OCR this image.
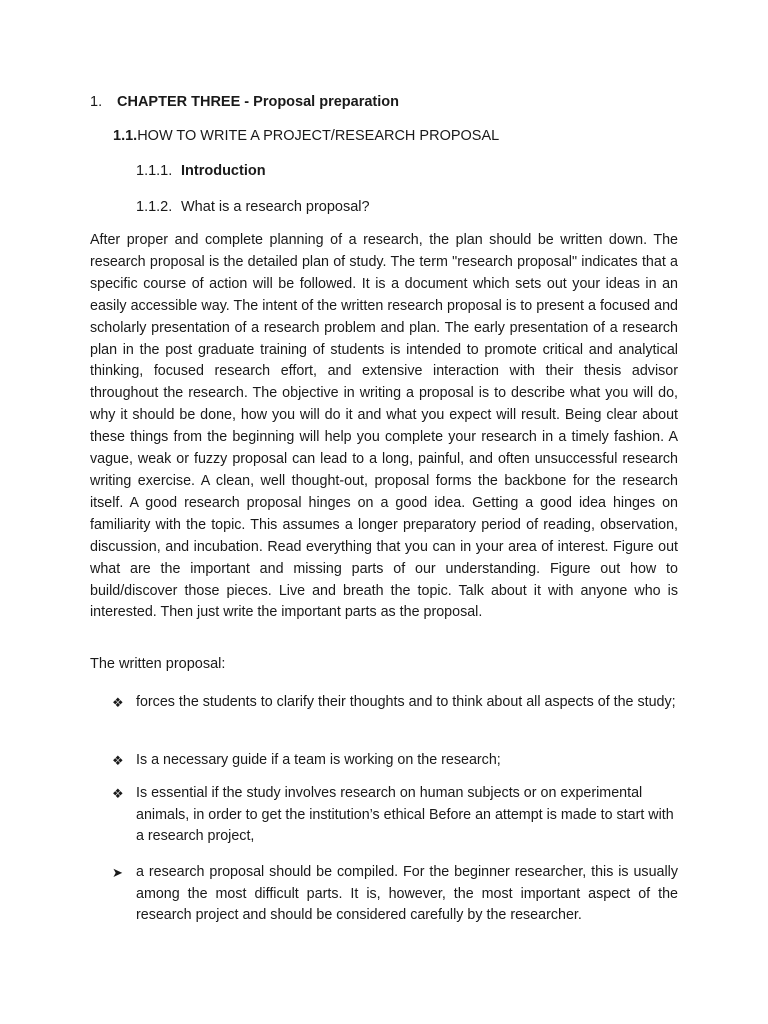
1. CHAPTER THREE - Proposal preparation
1.1.HOW TO WRITE A PROJECT/RESEARCH PROPOSAL
1.1.1. Introduction
1.1.2. What is a research proposal?

After proper and complete planning of a research, the plan should be written down. The research proposal is the detailed plan of study. The term "research proposal" indicates that a specific course of action will be followed. It is a document which sets out your ideas in an easily accessible way. The intent of the written research proposal is to present a focused and scholarly presentation of a research problem and plan. The early presentation of a research plan in the post graduate training of students is intended to promote critical and analytical thinking, focused research effort, and extensive interaction with their thesis advisor throughout the research. The objective in writing a proposal is to describe what you will do, why it should be done, how you will do it and what you expect will result. Being clear about these things from the beginning will help you complete your research in a timely fashion. A vague, weak or fuzzy proposal can lead to a long, painful, and often unsuccessful research writing exercise. A clean, well thought-out, proposal forms the backbone for the research itself. A good research proposal hinges on a good idea. Getting a good idea hinges on familiarity with the topic. This assumes a longer preparatory period of reading, observation, discussion, and incubation. Read everything that you can in your area of interest. Figure out what are the important and missing parts of our understanding. Figure out how to build/discover those pieces. Live and breath the topic. Talk about it with anyone who is interested. Then just write the important parts as the proposal.

The written proposal:

❖ forces the students to clarify their thoughts and to think about all aspects of the study;
❖ Is a necessary guide if a team is working on the research;
❖ Is essential if the study involves research on human subjects or on experimental animals, in order to get the institution’s ethical Before an attempt is made to start with a research project,
➤ a research proposal should be compiled. For the beginner researcher, this is usually among the most difficult parts. It is, however, the most important aspect of the research project and should be considered carefully by the researcher.
